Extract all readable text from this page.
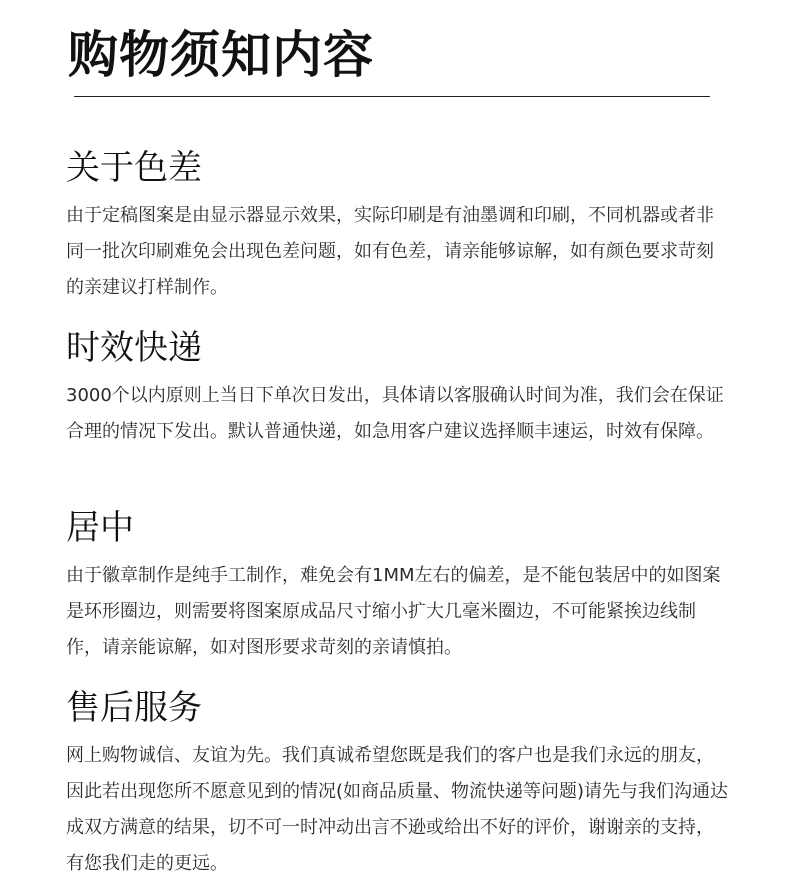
购物须知内容
关于色差

由于定稿图案是由显示器显示效果，实际印刷是有油墨调和印刷，不同机器或者非同一批次印刷难免会出现色差问题，如有色差，请亲能够谅解，如有颜色要求苛刻的亲建议打样制作。

时效快递

3000个以内原则上当日下单次日发出，具体请以客服确认时间为准，我们会在保证合理的情况下发出。默认普通快递，如急用客户建议选择顺丰速运，时效有保障。

居中

由于徽章制作是纯手工制作，难免会有1MM左右的偏差，是不能包装居中的如图案是环形圈边，则需要将图案原成品尺寸缩小扩大几毫米圈边，不可能紧挨边线制作，请亲能谅解，如对图形要求苛刻的亲请慎拍。

售后服务

网上购物诚信、友谊为先。我们真诚希望您既是我们的客户也是我们永远的朋友，因此若出现您所不愿意见到的情况(如商品质量、物流快递等问题)请先与我们沟通达成双方满意的结果，切不可一时冲动出言不逊或给出不好的评价，谢谢亲的支持，有您我们走的更远。
